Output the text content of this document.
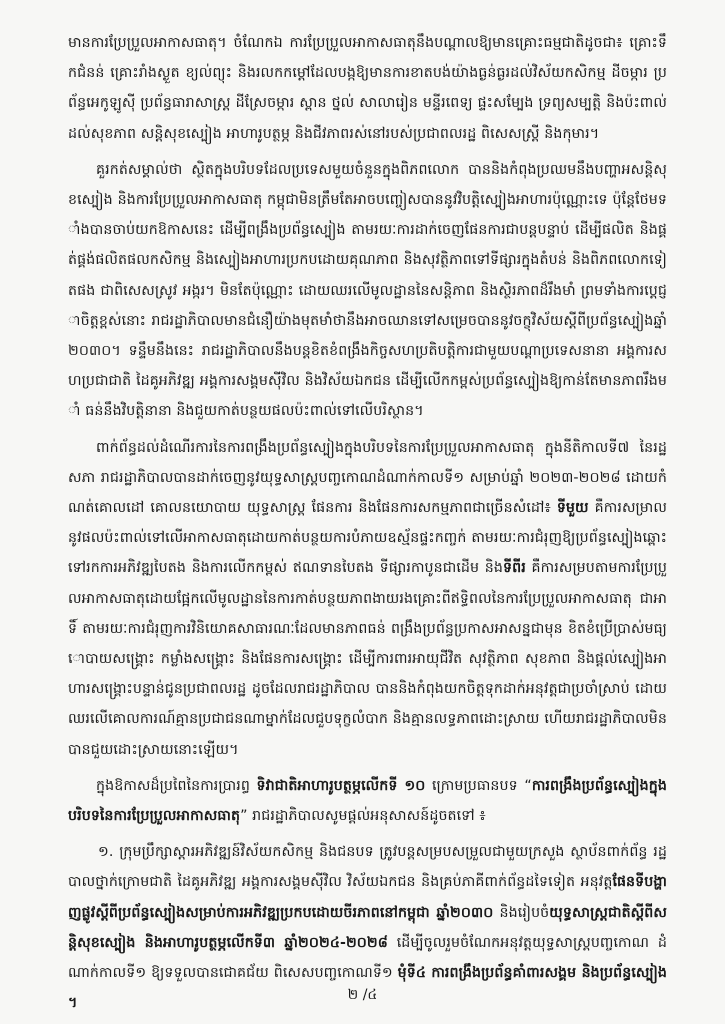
មានការប្រែប្រួលអាកាសធាតុ។ ចំណែកឯ ការប្រែប្រួលអាកាសធាតុនឹងបណ្តាលឱ្យមានគ្រោះធម្មជាតិដូចជា៖ គ្រោះទឹកជំនន់ គ្រោះរាំងស្ងួត ខ្យល់ព្យុះ និងរលកកម្តៅដែលបង្កឱ្យមានការខាតបង់យ៉ាងធ្ងន់ធ្ងរដល់វិស័យកសិកម្ម ដីចម្ការ ប្រព័ន្ធអេកូឡូស៊ី ប្រព័ន្ធធារាសាស្ត្រ ដីស្រែចម្ការ ស្ពាន ថ្នល់ សាលារៀន មន្ទីរពេទ្យ ផ្ទះសម្បែង ទ្រព្យសម្បត្តិ និងប៉ះពាល់ដល់សុខភាព សន្តិសុខស្បៀង អាហារូបត្ថម្ភ និងជីវភាពរស់នៅរបស់ប្រជាពលរដ្ឋ ពិសេសស្ត្រី និងកុមារ។

គួរកត់សម្គាល់ថា ស្ថិតក្នុងបរិបទដែលប្រទេសមួយចំនួនក្នុងពិភពលោក បាននិងកំពុងប្រឈមនឹងបញ្ហាអសន្តិសុខស្បៀង និងការប្រែប្រួលអាកាសធាតុ កម្ពុជាមិនត្រឹមតែអាចបញ្ចៀសបាននូវវិបត្តិស្បៀងអាហារប៉ុណ្ណោះទេ ប៉ុន្តែថែមទាំងបានចាប់យកឱកាសនេះ ដើម្បីពង្រឹងប្រព័ន្ធស្បៀង តាមរយៈការដាក់ចេញផែនការជាបន្តបន្ទាប់ ដើម្បីផលិត និងផ្គត់ផ្គង់ផលិតផលកសិកម្ម និងស្បៀងអាហារប្រកបដោយគុណភាព និងសុវត្ថិភាពទៅទីផ្សារក្នុងតំបន់ និងពិភពលោកទៀតផង ជាពិសេសស្រូវ អង្ករ។ មិនតែប៉ុណ្ណោះ ដោយឈរលើមូលដ្ឋាននៃសន្តិភាព និងស្ថិរភាពដ៏រឹងមាំ ព្រមទាំងការប្តេជ្ញាចិត្តខ្ពស់នោះ រាជរដ្ឋាភិបាលមានជំនឿយ៉ាងមុតមាំថានឹងអាចឈានទៅសម្រេចបាននូវចក្ខុវិស័យស្តីពីប្រព័ន្ធស្បៀងឆ្នាំ២០៣០។ ទន្ទឹមនឹងនេះ រាជរដ្ឋាភិបាលនឹងបន្តខិតខំពង្រឹងកិច្ចសហប្រតិបត្តិការជាមួយបណ្តាប្រទេសនានា អង្គការសហប្រជាជាតិ ដៃគូអភិវឌ្ឍ អង្គការសង្គមស៊ីវិល និងវិស័យឯកជន ដើម្បីលើកកម្ពស់ប្រព័ន្ធស្បៀងឱ្យកាន់តែមានភាពរឹងមាំ ធន់នឹងវិបត្តិនានា និងជួយកាត់បន្ថយផលប៉ះពាល់ទៅលើបរិស្ថាន។

ពាក់ព័ន្ធដល់ដំណើរការនៃការពង្រឹងប្រព័ន្ធស្បៀងក្នុងបរិបទនៃការប្រែប្រួលអាកាសធាតុ ក្នុងនីតិកាលទី៧ នៃរដ្ឋសភា រាជរដ្ឋាភិបាលបានដាក់ចេញនូវយុទ្ធសាស្ត្របញ្ចកោណដំណាក់កាលទី១ សម្រាប់ឆ្នាំ ២០២៣-២០២៨ ដោយកំណត់គោលដៅ គោលនយោបាយ យុទ្ធសាស្ត្រ ផែនការ និងផែនការសកម្មភាពជាច្រើនសំដៅ៖ ទីមួយ គឺការសម្រាលនូវផលប៉ះពាល់ទៅលើអាកាសធាតុដោយកាត់បន្ថយការបំភាយឧស្ម័នផ្ទះកញ្ចក់ តាមរយៈការជំរុញឱ្យប្រព័ន្ធស្បៀងឆ្ពោះទៅរកការអភិវឌ្ឍបៃតង និងការលើកកម្ពស់ ឥណទានបៃតង ទីផ្សារកាបូនជាដើម និងទីពីរ គឺការសម្របតាមការប្រែប្រួលអាកាសធាតុដោយផ្អែកលើមូលដ្ឋាននៃការកាត់បន្ថយភាពងាយរងគ្រោះពីឥទ្ធិពលនៃការប្រែប្រួលអាកាសធាតុ ជាអាទិ៍ តាមរយៈការជំរុញការវិនិយោគសាធារណៈដែលមានភាពធន់ ពង្រឹងប្រព័ន្ធប្រកាសអាសន្នជាមុន ខិតខំប្រើប្រាស់មធ្យោបាយសង្គ្រោះ កម្លាំងសង្គ្រោះ និងផែនការសង្គ្រោះ ដើម្បីការពារអាយុជីវិត សុវត្ថិភាព សុខភាព និងផ្តល់ស្បៀងអាហារសង្គ្រោះបន្ទាន់ជូនប្រជាពលរដ្ឋ ដូចដែលរាជរដ្ឋាភិបាល បាននិងកំពុងយកចិត្តទុកដាក់អនុវត្តជាប្រចាំស្រាប់ ដោយឈរលើគោលការណ៍គ្មានប្រជាជនណាម្នាក់ដែលជួបទុក្ខលំបាក និងគ្មានលទ្ធភាពដោះស្រាយ ហើយរាជរដ្ឋាភិបាលមិនបានជួយដោះស្រាយនោះឡើយ។

ក្នុងឱកាសដ៏ប្រពៃនៃការប្រារព្ធ ទិវាជាតិអាហារូបត្ថម្ភលើកទី ១០ ក្រោមប្រធានបទ “ការពង្រឹងប្រព័ន្ធស្បៀងក្នុងបរិបទនៃការប្រែប្រួលអាកាសធាតុ” រាជរដ្ឋាភិបាលសូមផ្តល់អនុសាសន៍ដូចតទៅ ៖

១. ក្រុមប្រឹក្សាស្តារអភិវឌ្ឍន៍វិស័យកសិកម្ម និងជនបទ ត្រូវបន្តសម្របសម្រួលជាមួយក្រសួង ស្ថាប័នពាក់ព័ន្ធ រដ្ឋបាលថ្នាក់ក្រោមជាតិ ដៃគូអភិវឌ្ឍ អង្គការសង្គមស៊ីវិល វិស័យឯកជន និងគ្រប់ភាគីពាក់ព័ន្ធដទៃទៀត អនុវត្តផែនទីបង្ហាញផ្លូវស្តីពីប្រព័ន្ធស្បៀងសម្រាប់ការអភិវឌ្ឍប្រកបដោយចីរភាពនៅកម្ពុជា ឆ្នាំ២០៣០ និងរៀបចំយុទ្ធសាស្ត្រជាតិស្តីពីសន្តិសុខស្បៀង និងអាហារូបត្ថម្ភលើកទី៣ ឆ្នាំ២០២៤-២០២៨ ដើម្បីចូលរួមចំណែកអនុវត្តយុទ្ធសាស្ត្របញ្ចកោណ ដំណាក់កាលទី១ ឱ្យទទួលបានជោគជ័យ ពិសេសបញ្ចកោណទី១ មុំទី៤ ការពង្រឹងប្រព័ន្ធគាំពារសង្គម និងប្រព័ន្ធស្បៀង។

២ /៤
